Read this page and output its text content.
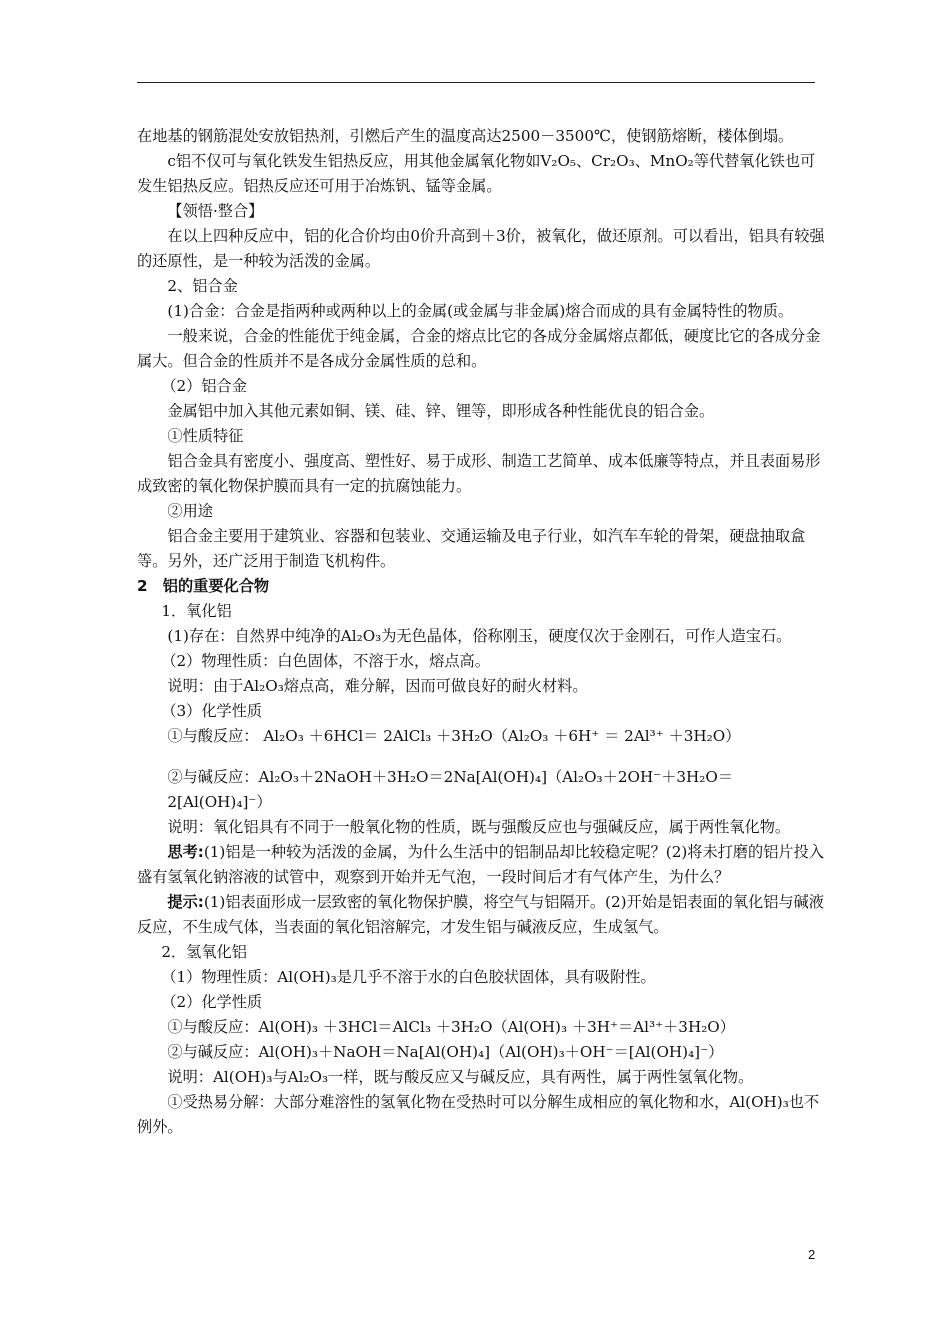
在地基的钢筋混处安放铝热剂，引燃后产生的温度高达2500－3500℃，使钢筋熔断，楼体倒塌。

c铝不仅可与氧化铁发生铝热反应，用其他金属氧化物如V₂O₅、Cr₂O₃、MnO₂等代替氧化铁也可发生铝热反应。铝热反应还可用于冶炼钒、锰等金属。

【领悟·整合】

在以上四种反应中，铝的化合价均由0价升高到＋3价，被氧化，做还原剂。可以看出，铝具有较强的还原性，是一种较为活泼的金属。

2、铝合金

(1)合金：合金是指两种或两种以上的金属(或金属与非金属)熔合而成的具有金属特性的物质。

一般来说，合金的性能优于纯金属，合金的熔点比它的各成分金属熔点都低，硬度比它的各成分金属大。但合金的性质并不是各成分金属性质的总和。

（2）铝合金

金属铝中加入其他元素如铜、镁、硅、锌、锂等，即形成各种性能优良的铝合金。

①性质特征

铝合金具有密度小、强度高、塑性好、易于成形、制造工艺简单、成本低廉等特点，并且表面易形成致密的氧化物保护膜而具有一定的抗腐蚀能力。

②用途

铝合金主要用于建筑业、容器和包装业、交通运输及电子行业，如汽车车轮的骨架，硬盘抽取盒等。另外，还广泛用于制造飞机构件。

2　铝的重要化合物

1．氧化铝

(1)存在：自然界中纯净的Al₂O₃为无色晶体，俗称刚玉，硬度仅次于金刚石，可作人造宝石。

（2）物理性质：白色固体，不溶于水，熔点高。

说明：由于Al₂O₃熔点高，难分解，因而可做良好的耐火材料。

（3）化学性质

①与酸反应： Al₂O₃ ＋6HCl＝ 2AlCl₃ ＋3H₂O（Al₂O₃ ＋6H⁺ ＝ 2Al³⁺ ＋3H₂O）

②与碱反应：Al₂O₃＋2NaOH＋3H₂O＝2Na[Al(OH)₄]（Al₂O₃＋2OH⁻＋3H₂O＝2[Al(OH)₄]⁻）

说明：氧化铝具有不同于一般氧化物的性质，既与强酸反应也与强碱反应，属于两性氧化物。

思考:(1)铝是一种较为活泼的金属，为什么生活中的铝制品却比较稳定呢？(2)将未打磨的铝片投入盛有氢氧化钠溶液的试管中，观察到开始并无气泡，一段时间后才有气体产生，为什么？

提示:(1)铝表面形成一层致密的氧化物保护膜，将空气与铝隔开。(2)开始是铝表面的氧化铝与碱液反应，不生成气体，当表面的氧化铝溶解完，才发生铝与碱液反应，生成氢气。

2．氢氧化铝

（1）物理性质：Al(OH)₃是几乎不溶于水的白色胶状固体，具有吸附性。

（2）化学性质

①与酸反应：Al(OH)₃ ＋3HCl＝AlCl₃ ＋3H₂O（Al(OH)₃ ＋3H⁺＝Al³⁺＋3H₂O）

②与碱反应：Al(OH)₃＋NaOH＝Na[Al(OH)₄]（Al(OH)₃＋OH⁻＝[Al(OH)₄]⁻）

说明：Al(OH)₃与Al₂O₃一样，既与酸反应又与碱反应，具有两性，属于两性氢氧化物。

①受热易分解：大部分难溶性的氢氧化物在受热时可以分解生成相应的氧化物和水，Al(OH)₃也不例外。

2
